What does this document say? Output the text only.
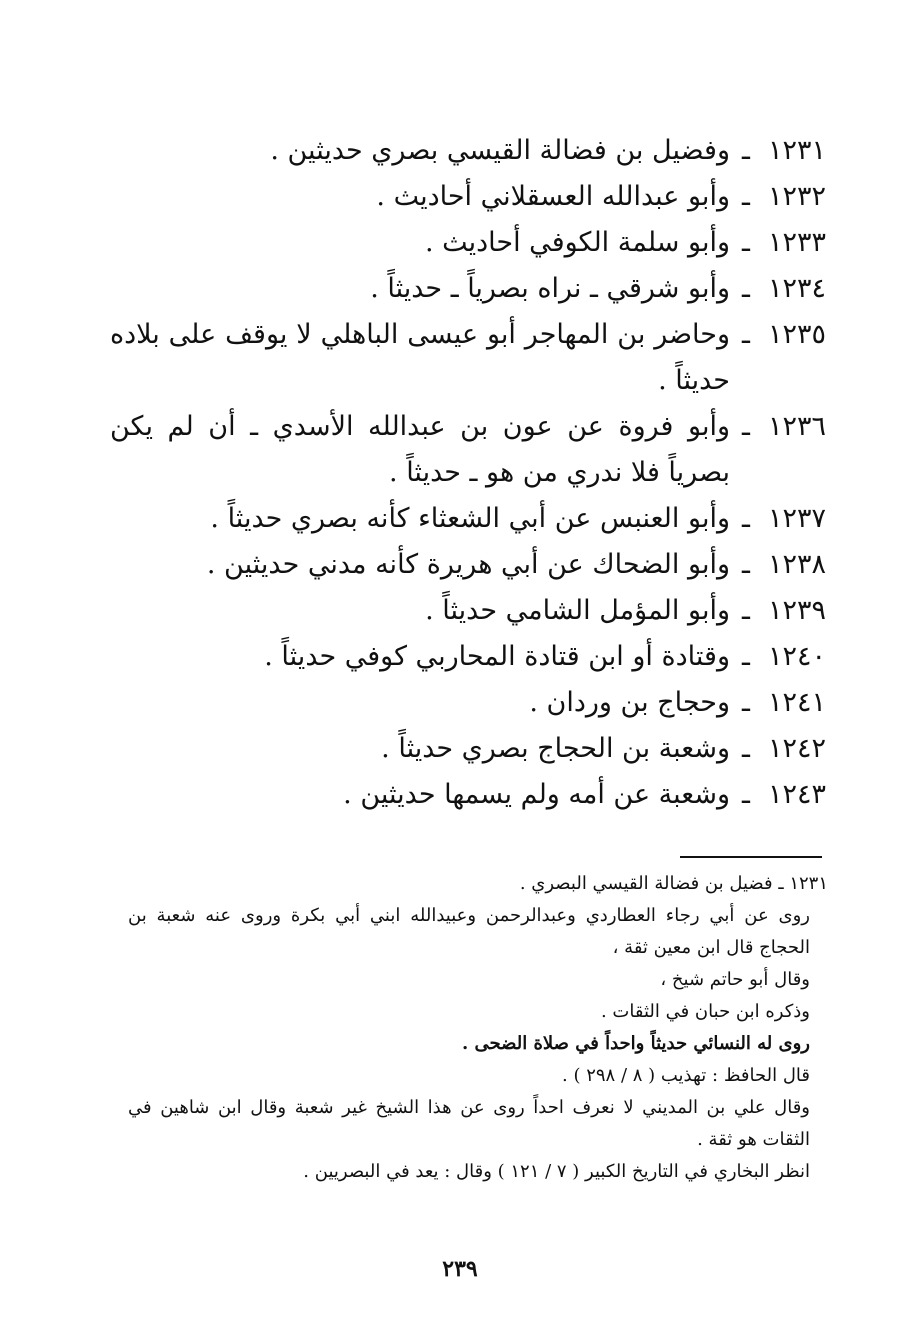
١٢٣١
ـ
وفضيل بن فضالة القيسي بصري حديثين .
١٢٣٢
ـ
وأبو عبدالله العسقلاني أحاديث .
١٢٣٣
ـ
وأبو سلمة الكوفي أحاديث .
١٢٣٤
ـ
وأبو شرقي ـ نراه بصرياً ـ حديثاً .
١٢٣٥
ـ
وحاضر بن المهاجر أبو عيسى الباهلي لا يوقف على بلاده حديثاً .
١٢٣٦
ـ
وأبو فروة عن عون بن عبدالله الأسدي ـ أن لم يكن بصرياً فلا ندري من هو ـ حديثاً .
١٢٣٧
ـ
وأبو العنبس عن أبي الشعثاء كأنه بصري حديثاً .
١٢٣٨
ـ
وأبو الضحاك عن أبي هريرة كأنه مدني حديثين .
١٢٣٩
ـ
وأبو المؤمل الشامي حديثاً .
١٢٤٠
ـ
وقتادة أو ابن قتادة المحاربي كوفي حديثاً .
١٢٤١
ـ
وحجاج بن وردان .
١٢٤٢
ـ
وشعبة بن الحجاج بصري حديثاً .
١٢٤٣
ـ
وشعبة عن أمه ولم يسمها حديثين .
١٢٣١ ـ فضيل بن فضالة القيسي البصري .
روى عن أبي رجاء العطاردي وعبدالرحمن وعبيدالله ابني أبي بكرة وروى عنه شعبة بن الحجاج قال ابن معين ثقة ،
وقال أبو حاتم شيخ ،
وذكره ابن حبان في الثقات .
روى له النسائي حديثاً واحداً في صلاة الضحى .
قال الحافظ : تهذيب ( ٨ / ٢٩٨ ) .
وقال علي بن المديني لا نعرف احداً روى عن هذا الشيخ غير شعبة وقال ابن شاهين في الثقات هو ثقة .
انظر البخاري في التاريخ الكبير ( ٧ / ١٢١ ) وقال : يعد في البصريين .
٢٣٩
